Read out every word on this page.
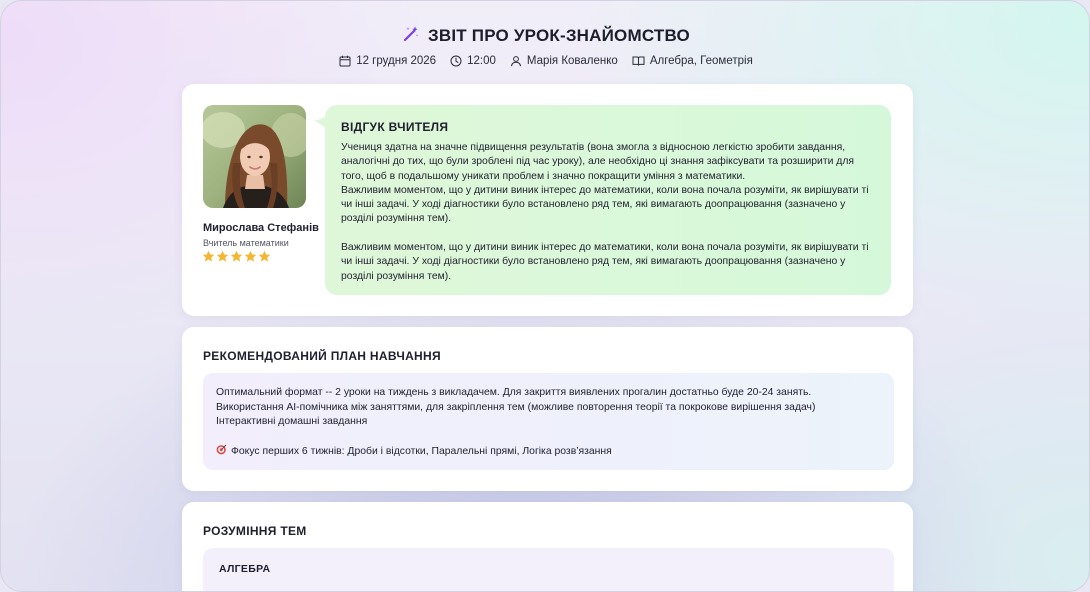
ЗВІТ ПРО УРОК-ЗНАЙОМСТВО
12 грудня 2026	12:00	Марія Коваленко	Алгебра, Геометрія
Мирослава Стефанів
Вчитель математики
ВІДГУК ВЧИТЕЛЯ

Учениця здатна на значне підвищення результатів (вона змогла з відносною легкістю зробити завдання, аналогічні до тих, що були зроблені під час уроку), але необхідно ці знання зафіксувати та розширити для того, щоб в подальшому уникати проблем і значно покращити уміння з математики.
Важливим моментом, що у дитини виник інтерес до математики, коли вона почала розуміти, як вирішувати ті чи інші задачі. У ході діагностики було встановлено ряд тем, які вимагають доопрацювання (зазначено у розділі розуміння тем).

Важливим моментом, що у дитини виник інтерес до математики, коли вона почала розуміти, як вирішувати ті чи інші задачі. У ході діагностики було встановлено ряд тем, які вимагають доопрацювання (зазначено у розділі розуміння тем).

РЕКОМЕНДОВАНИЙ ПЛАН НАВЧАННЯ
Оптимальний формат -- 2 уроки на тиждень з викладачем. Для закриття виявлених прогалин достатньо буде 20-24 занять.
Використання AI-помічника між заняттями, для закріплення тем (можливе повторення теорії та покрокове вирішення задач)
Інтерактивні домашні завдання
Фокус перших 6 тижнів: Дроби і відсотки, Паралельні прямі, Логіка розв’язання
РОЗУМІННЯ ТЕМ
АЛГЕБРА
